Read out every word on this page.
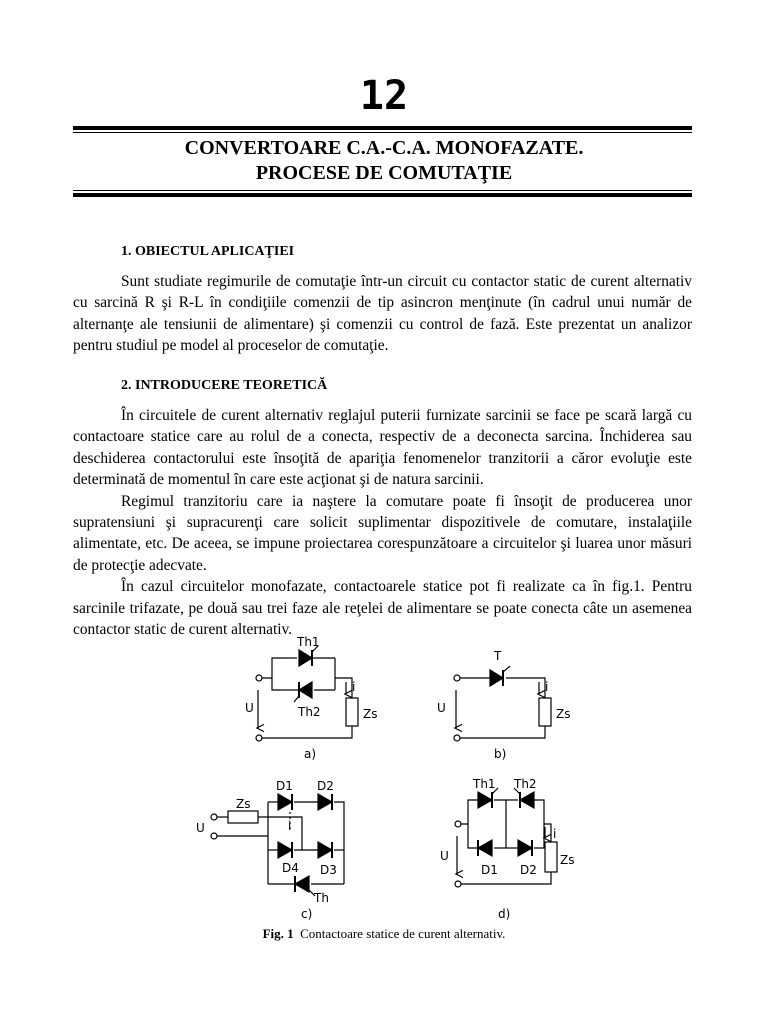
12
CONVERTOARE C.A.-C.A. MONOFAZATE.
PROCESE DE COMUTAŢIE
1. OBIECTUL APLICAŢIEI

Sunt studiate regimurile de comutaţie într-un circuit cu contactor static de curent alternativ cu sarcină R şi R-L în condiţiile comenzii de tip asincron menţinute (în cadrul unui număr de alternanţe ale tensiunii de alimentare) şi comenzii cu control de fază. Este prezentat un analizor pentru studiul pe model al proceselor de comutaţie.

2. INTRODUCERE TEORETICĂ

În circuitele de curent alternativ reglajul puterii furnizate sarcinii se face pe scară largă cu contactoare statice care au rolul de a conecta, respectiv de a deconecta sarcina. Închiderea sau deschiderea contactorului este însoţită de apariţia fenomenelor tranzitorii a căror evoluţie este determinată de momentul în care este acţionat şi de natura sarcinii.

Regimul tranzitoriu care ia naştere la comutare poate fi însoţit de producerea unor supratensiuni şi supracurenţi care solicit suplimentar dispozitivele de comutare, instalaţiile alimentate, etc. De aceea, se impune proiectarea corespunzătoare a circuitelor şi luarea unor măsuri de protecţie adecvate.

În cazul circuitelor monofazate, contactoarele statice pot fi realizate ca în fig.1. Pentru sarcinile trifazate, pe două sau trei faze ale reţelei de alimentare se poate conecta câte un asemenea contactor static de curent alternativ.

Th1
Th2
U
i
Zs
a)
T
U
i
Zs
b)
D1 D2
D3
D4
Th
Zs
U	i
c)
Th1 Th2
D1 D2
U
i
Zs
d)
Fig. 1 Contactoare statice de curent alternativ.
